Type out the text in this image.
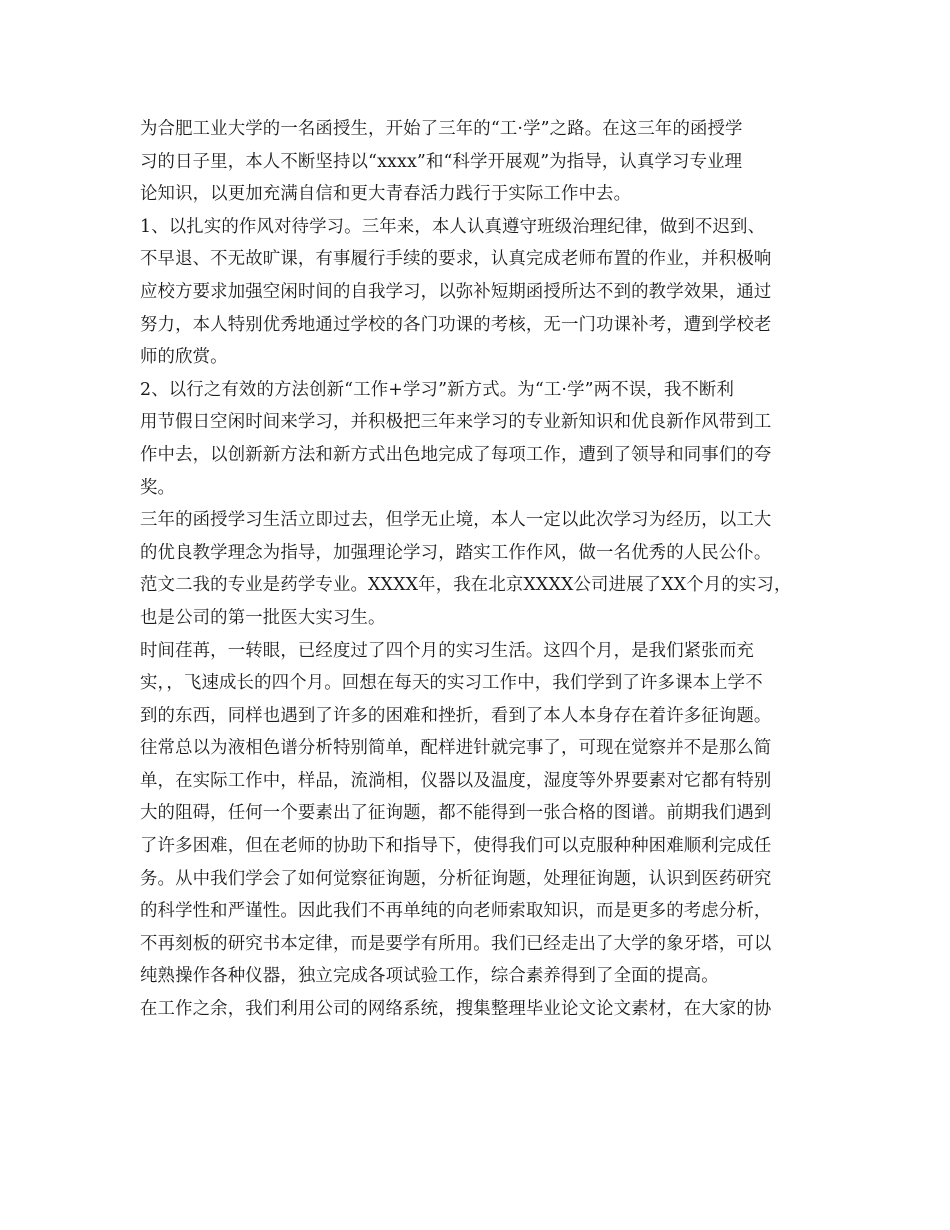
为合肥工业大学的一名函授生，开始了三年的“工·学”之路。在这三年的函授学
习的日子里，本人不断坚持以“xxxx”和“科学开展观”为指导，认真学习专业理
论知识，以更加充满自信和更大青春活力践行于实际工作中去。
1、以扎实的作风对待学习。三年来，本人认真遵守班级治理纪律，做到不迟到、
不早退、不无故旷课，有事履行手续的要求，认真完成老师布置的作业，并积极响
应校方要求加强空闲时间的自我学习，以弥补短期函授所达不到的教学效果，通过
努力，本人特别优秀地通过学校的各门功课的考核，无一门功课补考，遭到学校老
师的欣赏。
2、以行之有效的方法创新“工作+学习”新方式。为“工·学”两不误，我不断利
用节假日空闲时间来学习，并积极把三年来学习的专业新知识和优良新作风带到工
作中去，以创新新方法和新方式出色地完成了每项工作，遭到了领导和同事们的夸
奖。
三年的函授学习生活立即过去，但学无止境，本人一定以此次学习为经历，以工大
的优良教学理念为指导，加强理论学习，踏实工作作风，做一名优秀的人民公仆。
范文二我的专业是药学专业。XXXX年，我在北京XXXX公司进展了XX个月的实习，
也是公司的第一批医大实习生。
时间荏苒，一转眼，已经度过了四个月的实习生活。这四个月，是我们紧张而充
实，，飞速成长的四个月。回想在每天的实习工作中，我们学到了许多课本上学不
到的东西，同样也遇到了许多的困难和挫折，看到了本人本身存在着许多征询题。
往常总以为液相色谱分析特别简单，配样进针就完事了，可现在觉察并不是那么简
单，在实际工作中，样品，流淌相，仪器以及温度，湿度等外界要素对它都有特别
大的阻碍，任何一个要素出了征询题，都不能得到一张合格的图谱。前期我们遇到
了许多困难，但在老师的协助下和指导下，使得我们可以克服种种困难顺利完成任
务。从中我们学会了如何觉察征询题，分析征询题，处理征询题，认识到医药研究
的科学性和严谨性。因此我们不再单纯的向老师索取知识，而是更多的考虑分析，
不再刻板的研究书本定律，而是要学有所用。我们已经走出了大学的象牙塔，可以
纯熟操作各种仪器，独立完成各项试验工作，综合素养得到了全面的提高。
在工作之余，我们利用公司的网络系统，搜集整理毕业论文论文素材，在大家的协
